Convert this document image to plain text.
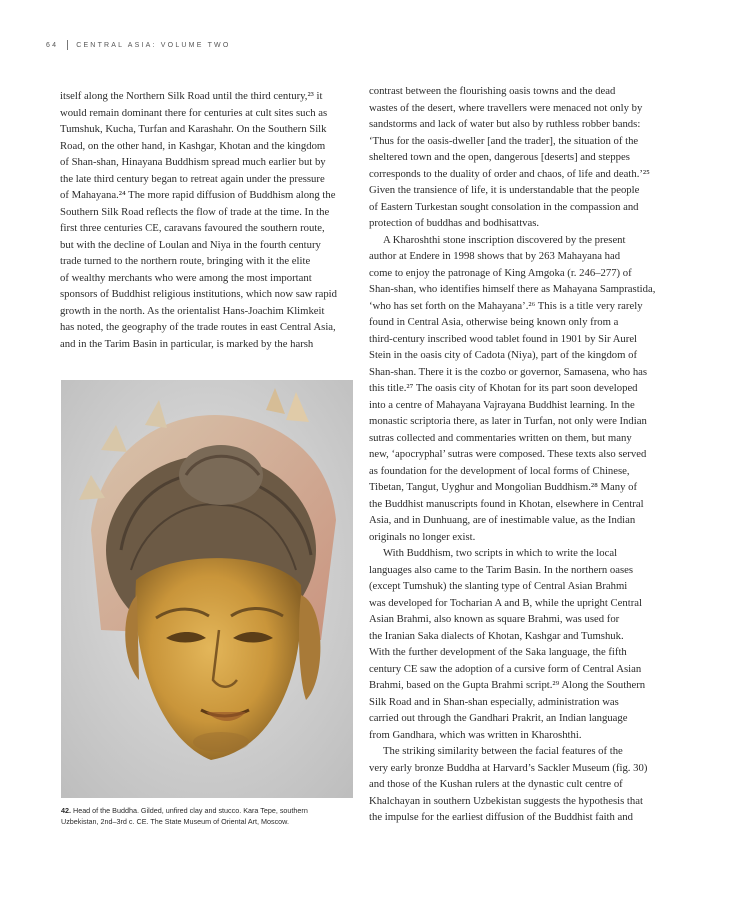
64	CENTRAL ASIA: VOLUME TWO
itself along the Northern Silk Road until the third century,²³ it
would remain dominant there for centuries at cult sites such as
Tumshuk, Kucha, Turfan and Karashahr. On the Southern Silk
Road, on the other hand, in Kashgar, Khotan and the kingdom
of Shan-shan, Hinayana Buddhism spread much earlier but by
the late third century began to retreat again under the pressure
of Mahayana.²⁴ The more rapid diffusion of Buddhism along the
Southern Silk Road reflects the flow of trade at the time. In the
first three centuries CE, caravans favoured the southern route,
but with the decline of Loulan and Niya in the fourth century
trade turned to the northern route, bringing with it the elite
of wealthy merchants who were among the most important
sponsors of Buddhist religious institutions, which now saw rapid
growth in the north. As the orientalist Hans-Joachim Klimkeit
has noted, the geography of the trade routes in east Central Asia,
and in the Tarim Basin in particular, is marked by the harsh
42. Head of the Buddha. Gilded, unfired clay and stucco. Kara Tepe, southern
Uzbekistan, 2nd–3rd c. CE. The State Museum of Oriental Art, Moscow.
contrast between the flourishing oasis towns and the dead
wastes of the desert, where travellers were menaced not only by
sandstorms and lack of water but also by ruthless robber bands:
‘Thus for the oasis-dweller [and the trader], the situation of the
sheltered town and the open, dangerous [deserts] and steppes
corresponds to the duality of order and chaos, of life and death.’²⁵
Given the transience of life, it is understandable that the people
of Eastern Turkestan sought consolation in the compassion and
protection of buddhas and bodhisattvas.
A Kharoshthi stone inscription discovered by the present
author at Endere in 1998 shows that by 263 Mahayana had
come to enjoy the patronage of King Amgoka (r. 246–277) of
Shan-shan, who identifies himself there as Mahayana Samprastida,
‘who has set forth on the Mahayana’.²⁶ This is a title very rarely
found in Central Asia, otherwise being known only from a
third-century inscribed wood tablet found in 1901 by Sir Aurel
Stein in the oasis city of Cadota (Niya), part of the kingdom of
Shan-shan. There it is the cozbo or governor, Samasena, who has
this title.²⁷ The oasis city of Khotan for its part soon developed
into a centre of Mahayana Vajrayana Buddhist learning. In the
monastic scriptoria there, as later in Turfan, not only were Indian
sutras collected and commentaries written on them, but many
new, ‘apocryphal’ sutras were composed. These texts also served
as foundation for the development of local forms of Chinese,
Tibetan, Tangut, Uyghur and Mongolian Buddhism.²⁸ Many of
the Buddhist manuscripts found in Khotan, elsewhere in Central
Asia, and in Dunhuang, are of inestimable value, as the Indian
originals no longer exist.
With Buddhism, two scripts in which to write the local
languages also came to the Tarim Basin. In the northern oases
(except Tumshuk) the slanting type of Central Asian Brahmi
was developed for Tocharian A and B, while the upright Central
Asian Brahmi, also known as square Brahmi, was used for
the Iranian Saka dialects of Khotan, Kashgar and Tumshuk.
With the further development of the Saka language, the fifth
century CE saw the adoption of a cursive form of Central Asian
Brahmi, based on the Gupta Brahmi script.²⁹ Along the Southern
Silk Road and in Shan-shan especially, administration was
carried out through the Gandhari Prakrit, an Indian language
from Gandhara, which was written in Kharoshthi.
The striking similarity between the facial features of the
very early bronze Buddha at Harvard’s Sackler Museum (fig. 30)
and those of the Kushan rulers at the dynastic cult centre of
Khalchayan in southern Uzbekistan suggests the hypothesis that
the impulse for the earliest diffusion of the Buddhist faith and
